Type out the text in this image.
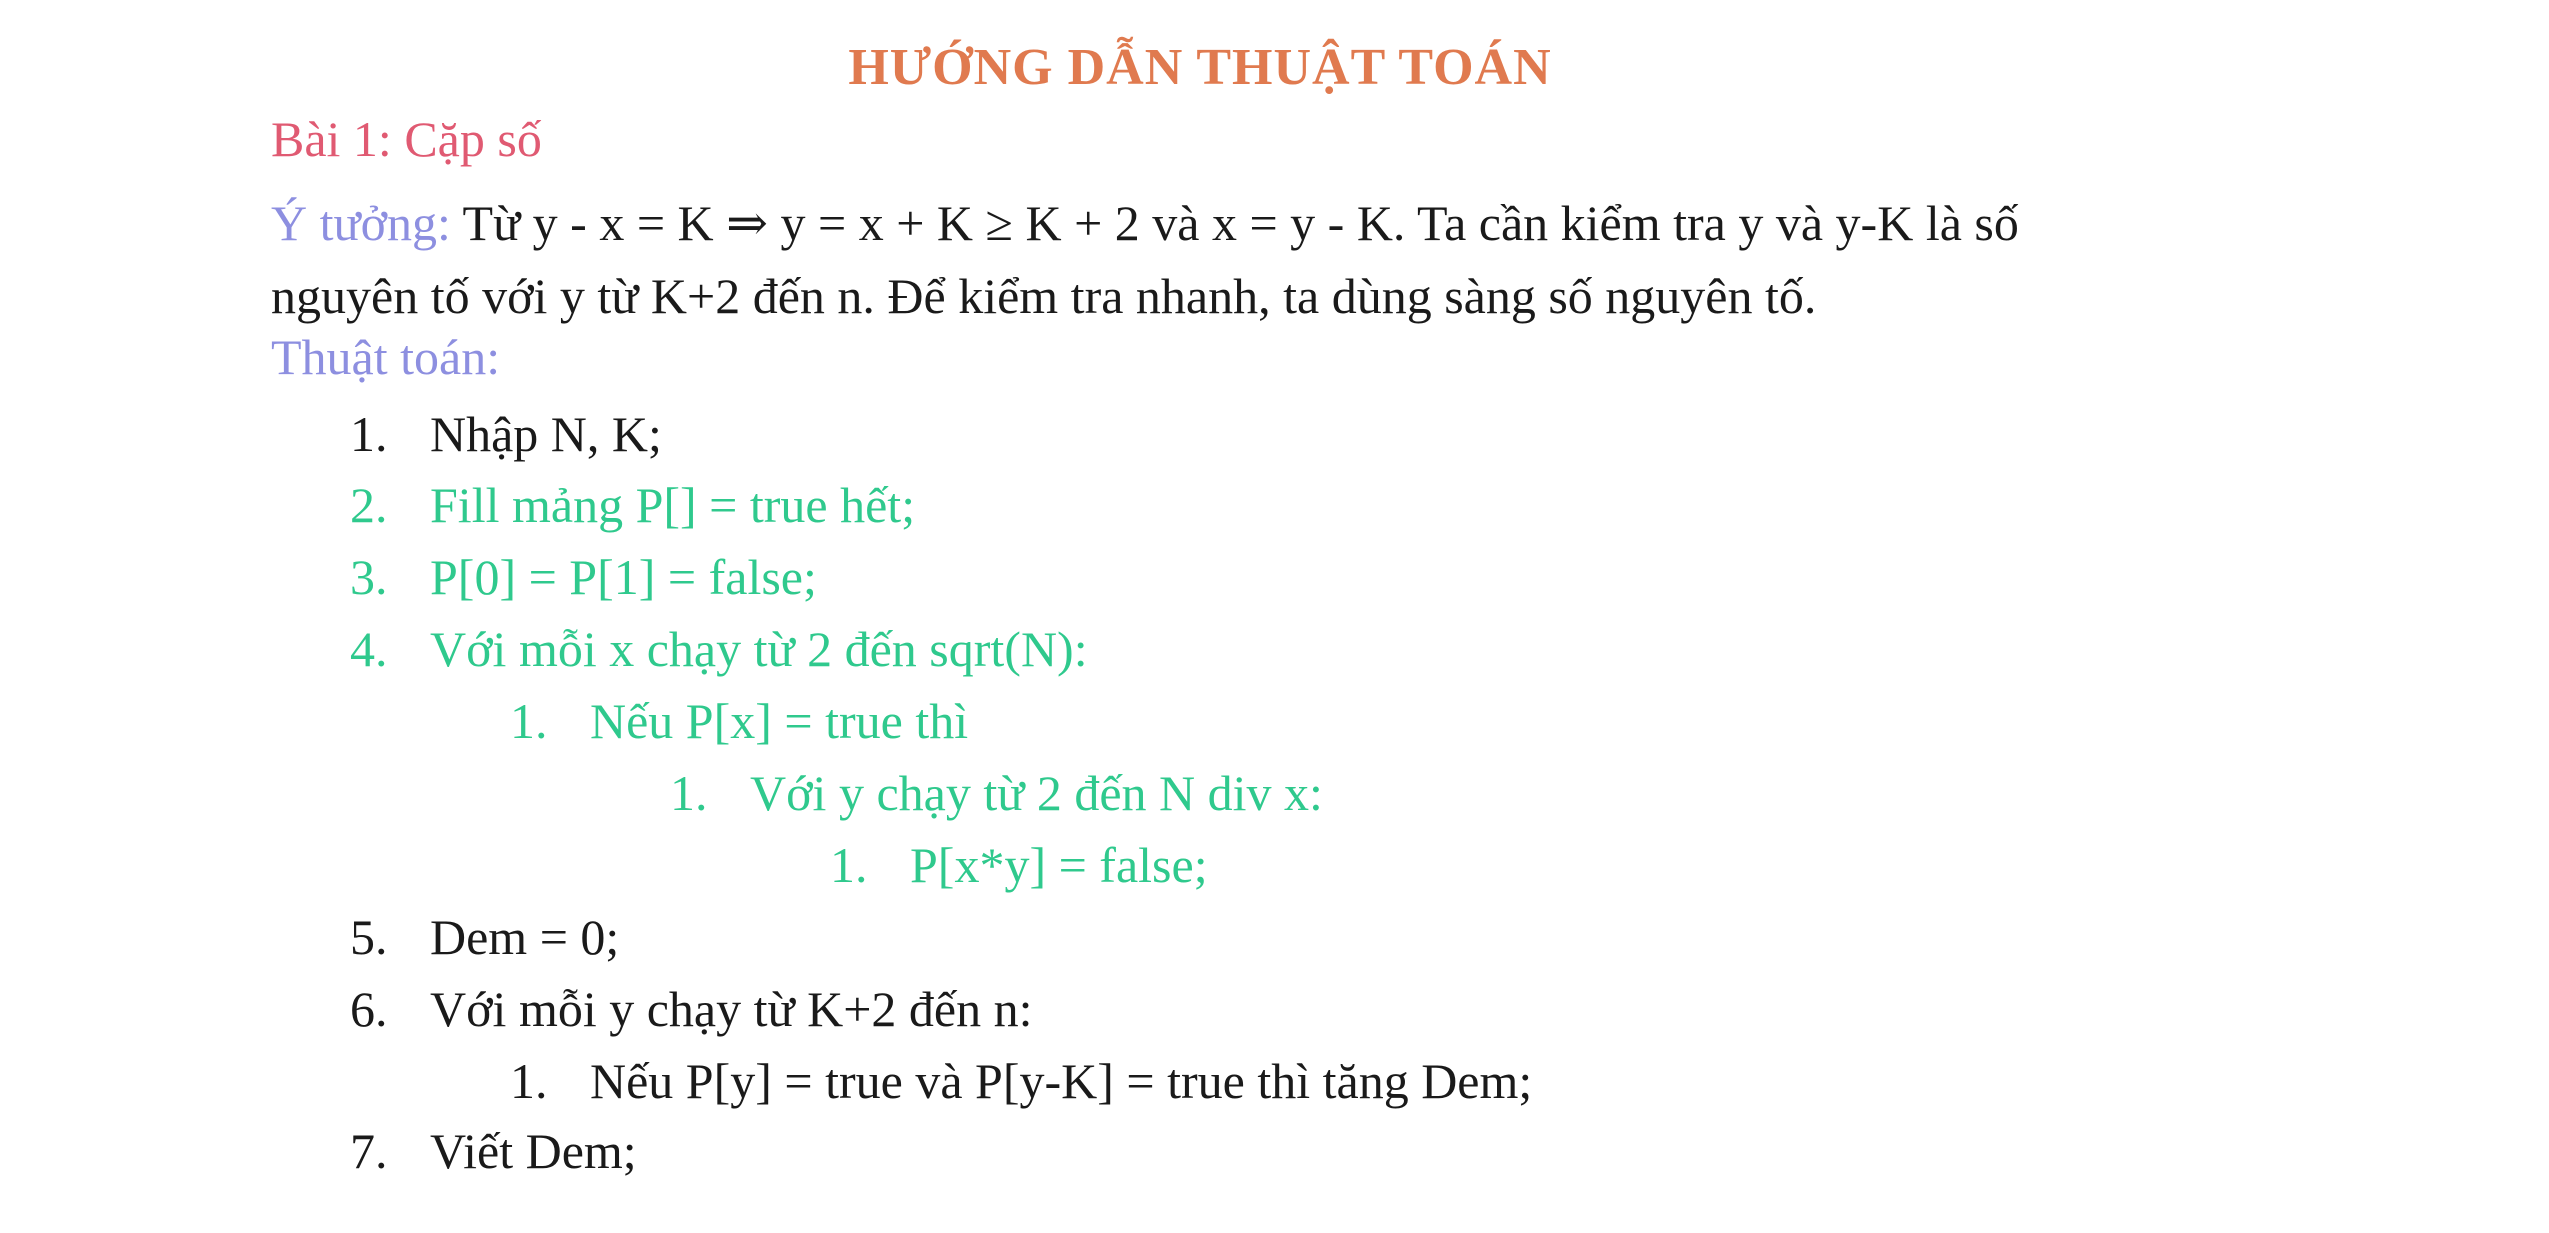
HƯỚNG DẪN THUẬT TOÁN
Bài 1: Cặp số
Ý tưởng: Từ y - x = K ⇒ y = x + K ≥ K + 2 và x = y - K. Ta cần kiểm tra y và y-K là số nguyên tố với y từ K+2 đến n. Để kiểm tra nhanh, ta dùng sàng số nguyên tố.
Thuật toán:
1. Nhập N, K;
2. Fill mảng P[] = true hết;
3. P[0] = P[1] = false;
4. Với mỗi x chạy từ 2 đến sqrt(N):
1. Nếu P[x] = true thì
1. Với y chạy từ 2 đến N div x:
1. P[x*y] = false;
5. Dem = 0;
6. Với mỗi y chạy từ K+2 đến n:
1. Nếu P[y] = true và P[y-K] = true thì tăng Dem;
7. Viết Dem;
